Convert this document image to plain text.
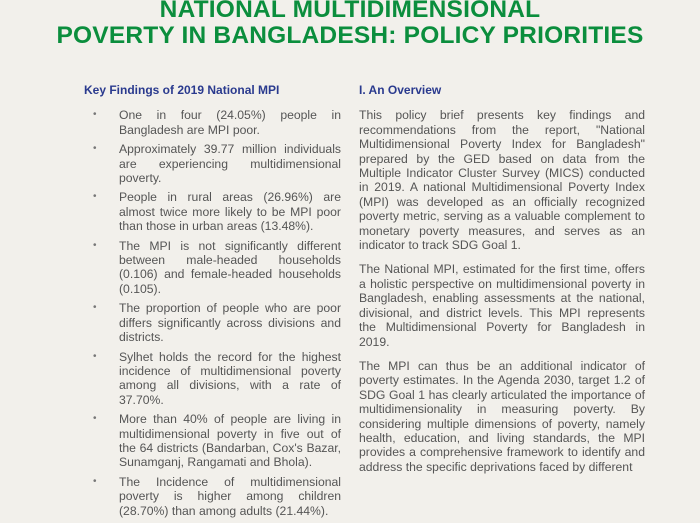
NATIONAL MULTIDIMENSIONAL
POVERTY IN BANGLADESH: POLICY PRIORITIES
Key Findings of 2019 National MPI
• One in four (24.05%) people in Bangladesh are MPI poor.
• Approximately 39.77 million individuals are experiencing multidimensional poverty.
• People in rural areas (26.96%) are almost twice more likely to be MPI poor than those in urban areas (13.48%).
• The MPI is not significantly different between male-headed households (0.106) and female-headed households (0.105).
• The proportion of people who are poor differs significantly across divisions and districts.
• Sylhet holds the record for the highest incidence of multidimensional poverty among all divisions, with a rate of 37.70%.
• More than 40% of people are living in multidimensional poverty in five out of the 64 districts (Bandarban, Cox's Bazar, Sunamganj, Rangamati and Bhola).
• The Incidence of multidimensional poverty is higher among children (28.70%) than among adults (21.44%).
I. An Overview

This policy brief presents key findings and recommendations from the report, "National Multidimensional Poverty Index for Bangladesh" prepared by the GED based on data from the Multiple Indicator Cluster Survey (MICS) conducted in 2019. A national Multidimensional Poverty Index (MPI) was developed as an officially recognized poverty metric, serving as a valuable complement to monetary poverty measures, and serves as an indicator to track SDG Goal 1.

The National MPI, estimated for the first time, offers a holistic perspective on multidimensional poverty in Bangladesh, enabling assessments at the national, divisional, and district levels. This MPI represents the Multidimensional Poverty for Bangladesh in 2019.

The MPI can thus be an additional indicator of poverty estimates. In the Agenda 2030, target 1.2 of SDG Goal 1 has clearly articulated the importance of multidimensionality in measuring poverty. By considering multiple dimensions of poverty, namely health, education, and living standards, the MPI provides a comprehensive framework to identify and address the specific deprivations faced by different
